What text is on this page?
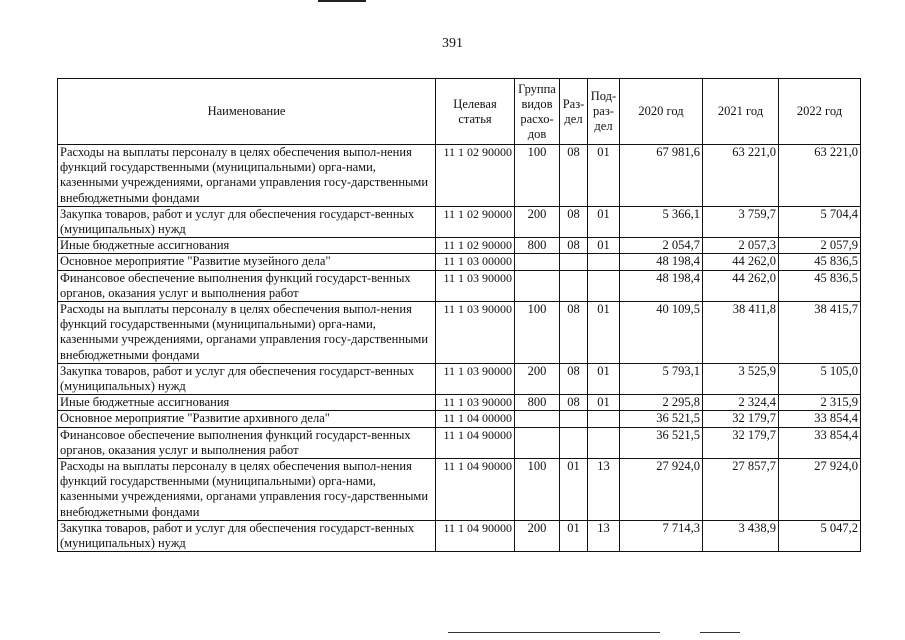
391
Наименование	Целевая статья	Группа видов расхо-дов	Раз-дел	Под-раз-дел	2020 год	2021 год	2022 год
Расходы на выплаты персоналу в целях обеспечения выпол-нения функций государственными (муниципальными) орга-нами, казенными учреждениями, органами управления госу-дарственными внебюджетными фондами	11 1 02 90000	100	08	01	67 981,6	63 221,0	63 221,0
Закупка товаров, работ и услуг для обеспечения государст-венных (муниципальных) нужд	11 1 02 90000	200	08	01	5 366,1	3 759,7	5 704,4
Иные бюджетные ассигнования	11 1 02 90000	800	08	01	2 054,7	2 057,3	2 057,9
Основное мероприятие "Развитие музейного дела"	11 1 03 00000				48 198,4	44 262,0	45 836,5
Финансовое обеспечение выполнения функций государст-венных органов, оказания услуг и выполнения работ	11 1 03 90000				48 198,4	44 262,0	45 836,5
Расходы на выплаты персоналу в целях обеспечения выпол-нения функций государственными (муниципальными) орга-нами, казенными учреждениями, органами управления госу-дарственными внебюджетными фондами	11 1 03 90000	100	08	01	40 109,5	38 411,8	38 415,7
Закупка товаров, работ и услуг для обеспечения государст-венных (муниципальных) нужд	11 1 03 90000	200	08	01	5 793,1	3 525,9	5 105,0
Иные бюджетные ассигнования	11 1 03 90000	800	08	01	2 295,8	2 324,4	2 315,9
Основное мероприятие "Развитие архивного дела"	11 1 04 00000				36 521,5	32 179,7	33 854,4
Финансовое обеспечение выполнения функций государст-венных органов, оказания услуг и выполнения работ	11 1 04 90000				36 521,5	32 179,7	33 854,4
Расходы на выплаты персоналу в целях обеспечения выпол-нения функций государственными (муниципальными) орга-нами, казенными учреждениями, органами управления госу-дарственными внебюджетными фондами	11 1 04 90000	100	01	13	27 924,0	27 857,7	27 924,0
Закупка товаров, работ и услуг для обеспечения государст-венных (муниципальных) нужд	11 1 04 90000	200	01	13	7 714,3	3 438,9	5 047,2
